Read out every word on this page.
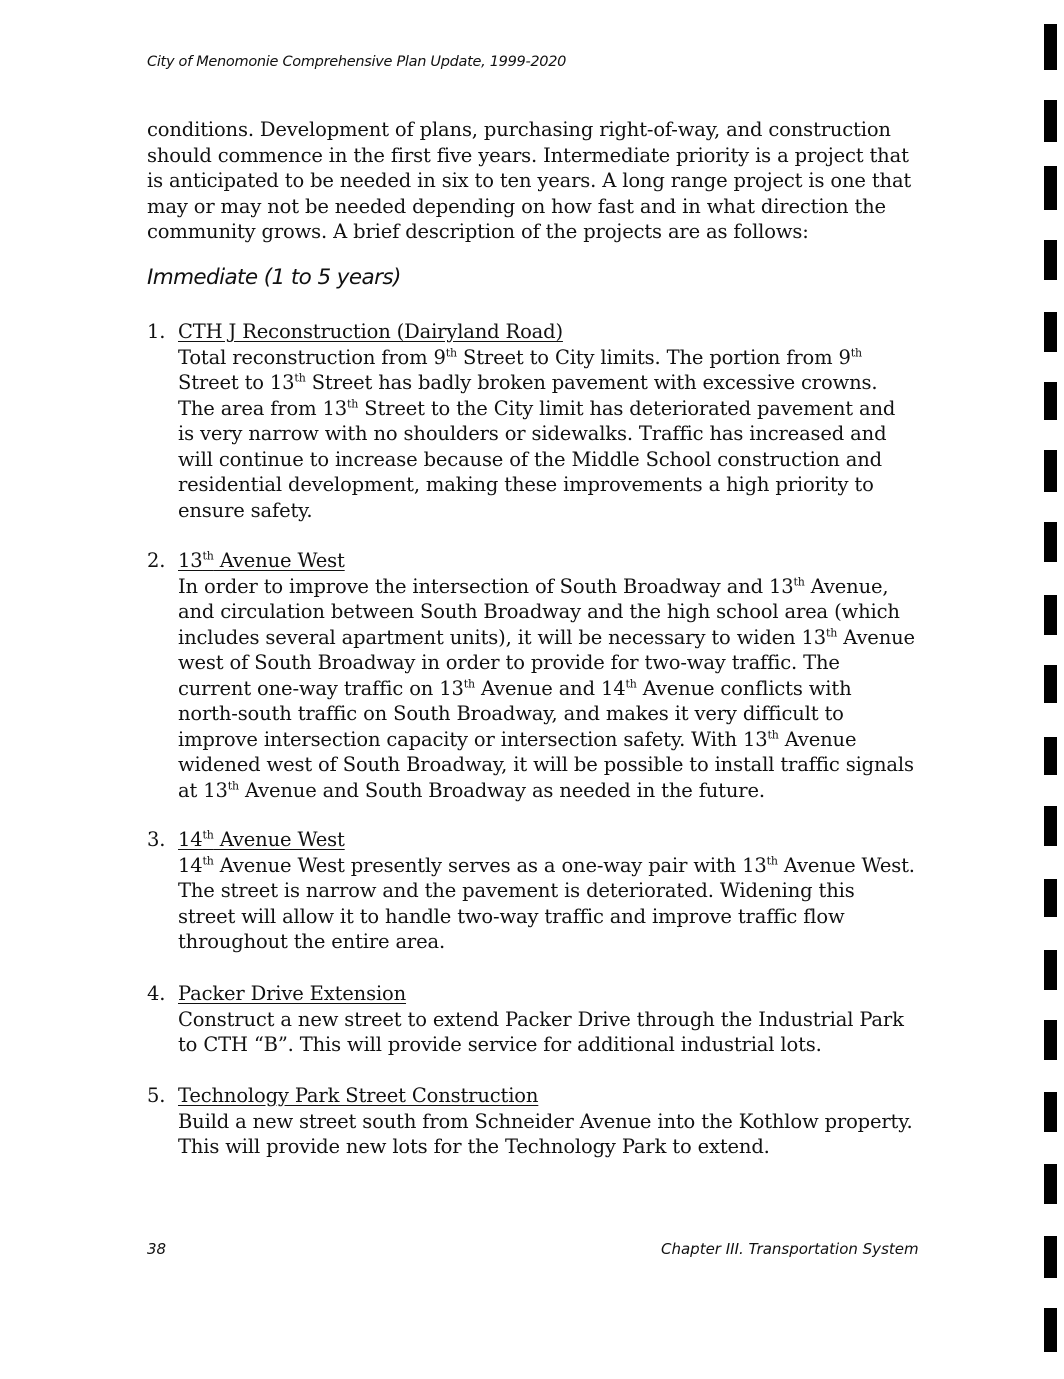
City of Menomonie Comprehensive Plan Update, 1999-2020
conditions. Development of plans, purchasing right-of-way, and construction should commence in the first five years. Intermediate priority is a project that is anticipated to be needed in six to ten years. A long range project is one that may or may not be needed depending on how fast and in what direction the community grows. A brief description of the projects are as follows:
Immediate (1 to 5 years)
1. CTH J Reconstruction (Dairyland Road)
Total reconstruction from 9th Street to City limits. The portion from 9th Street to 13th Street has badly broken pavement with excessive crowns. The area from 13th Street to the City limit has deteriorated pavement and is very narrow with no shoulders or sidewalks. Traffic has increased and will continue to increase because of the Middle School construction and residential development, making these improvements a high priority to ensure safety.
2. 13th Avenue West
In order to improve the intersection of South Broadway and 13th Avenue, and circulation between South Broadway and the high school area (which includes several apartment units), it will be necessary to widen 13th Avenue west of South Broadway in order to provide for two-way traffic. The current one-way traffic on 13th Avenue and 14th Avenue conflicts with north-south traffic on South Broadway, and makes it very difficult to improve intersection capacity or intersection safety. With 13th Avenue widened west of South Broadway, it will be possible to install traffic signals at 13th Avenue and South Broadway as needed in the future.
3. 14th Avenue West
14th Avenue West presently serves as a one-way pair with 13th Avenue West. The street is narrow and the pavement is deteriorated. Widening this street will allow it to handle two-way traffic and improve traffic flow throughout the entire area.
4. Packer Drive Extension
Construct a new street to extend Packer Drive through the Industrial Park to CTH “B”. This will provide service for additional industrial lots.
5. Technology Park Street Construction
Build a new street south from Schneider Avenue into the Kothlow property. This will provide new lots for the Technology Park to extend.
38	Chapter III. Transportation System
